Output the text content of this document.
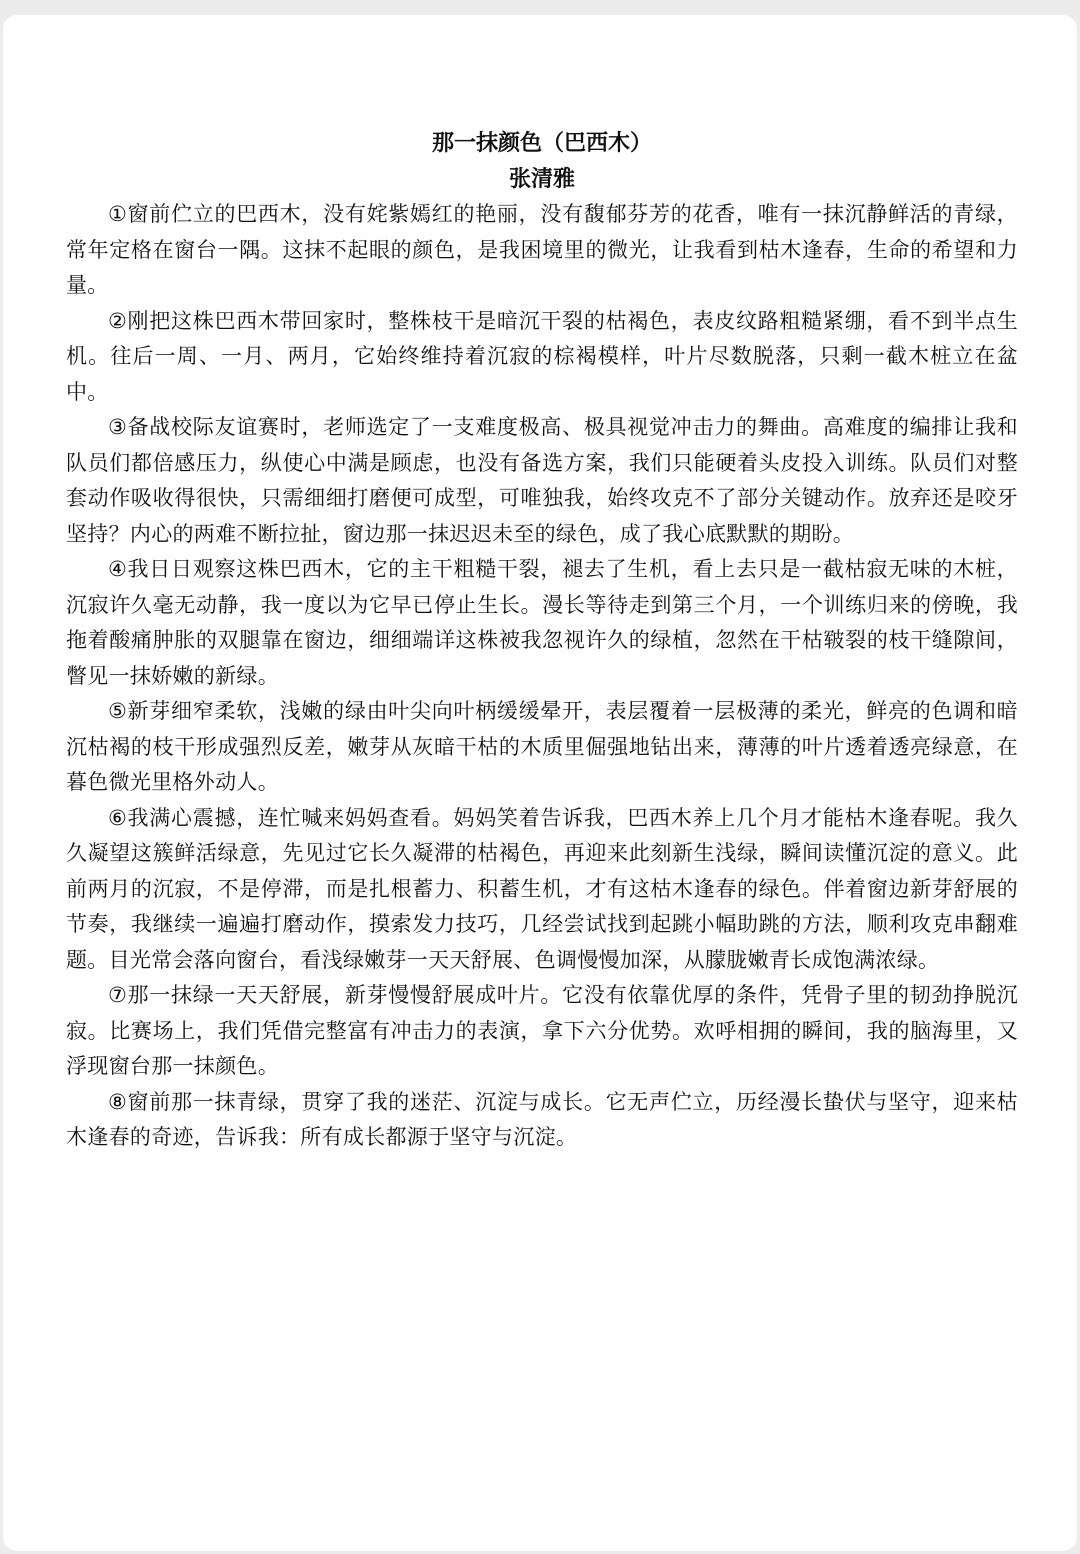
那一抹颜色（巴西木）

张清雅

①窗前伫立的巴西木，没有姹紫嫣红的艳丽，没有馥郁芬芳的花香，唯有一抹沉静鲜活的青绿，常年定格在窗台一隅。这抹不起眼的颜色，是我困境里的微光，让我看到枯木逢春，生命的希望和力量。

②刚把这株巴西木带回家时，整株枝干是暗沉干裂的枯褐色，表皮纹路粗糙紧绷，看不到半点生机。往后一周、一月、两月，它始终维持着沉寂的棕褐模样，叶片尽数脱落，只剩一截木桩立在盆中。

③备战校际友谊赛时，老师选定了一支难度极高、极具视觉冲击力的舞曲。高难度的编排让我和队员们都倍感压力，纵使心中满是顾虑，也没有备选方案，我们只能硬着头皮投入训练。队员们对整套动作吸收得很快，只需细细打磨便可成型，可唯独我，始终攻克不了部分关键动作。放弃还是咬牙坚持？内心的两难不断拉扯，窗边那一抹迟迟未至的绿色，成了我心底默默的期盼。

④我日日观察这株巴西木，它的主干粗糙干裂，褪去了生机，看上去只是一截枯寂无味的木桩，沉寂许久毫无动静，我一度以为它早已停止生长。漫长等待走到第三个月，一个训练归来的傍晚，我拖着酸痛肿胀的双腿靠在窗边，细细端详这株被我忽视许久的绿植，忽然在干枯皲裂的枝干缝隙间，瞥见一抹娇嫩的新绿。

⑤新芽细窄柔软，浅嫩的绿由叶尖向叶柄缓缓晕开，表层覆着一层极薄的柔光，鲜亮的色调和暗沉枯褐的枝干形成强烈反差，嫩芽从灰暗干枯的木质里倔强地钻出来，薄薄的叶片透着透亮绿意，在暮色微光里格外动人。

⑥我满心震撼，连忙喊来妈妈查看。妈妈笑着告诉我，巴西木养上几个月才能枯木逢春呢。我久久凝望这簇鲜活绿意，先见过它长久凝滞的枯褐色，再迎来此刻新生浅绿，瞬间读懂沉淀的意义。此前两月的沉寂，不是停滞，而是扎根蓄力、积蓄生机，才有这枯木逢春的绿色。伴着窗边新芽舒展的节奏，我继续一遍遍打磨动作，摸索发力技巧，几经尝试找到起跳小幅助跳的方法，顺利攻克串翻难题。目光常会落向窗台，看浅绿嫩芽一天天舒展、色调慢慢加深，从朦胧嫩青长成饱满浓绿。

⑦那一抹绿一天天舒展，新芽慢慢舒展成叶片。它没有依靠优厚的条件，凭骨子里的韧劲挣脱沉寂。比赛场上，我们凭借完整富有冲击力的表演，拿下六分优势。欢呼相拥的瞬间，我的脑海里，又浮现窗台那一抹颜色。

⑧窗前那一抹青绿，贯穿了我的迷茫、沉淀与成长。它无声伫立，历经漫长蛰伏与坚守，迎来枯木逢春的奇迹，告诉我：所有成长都源于坚守与沉淀。
